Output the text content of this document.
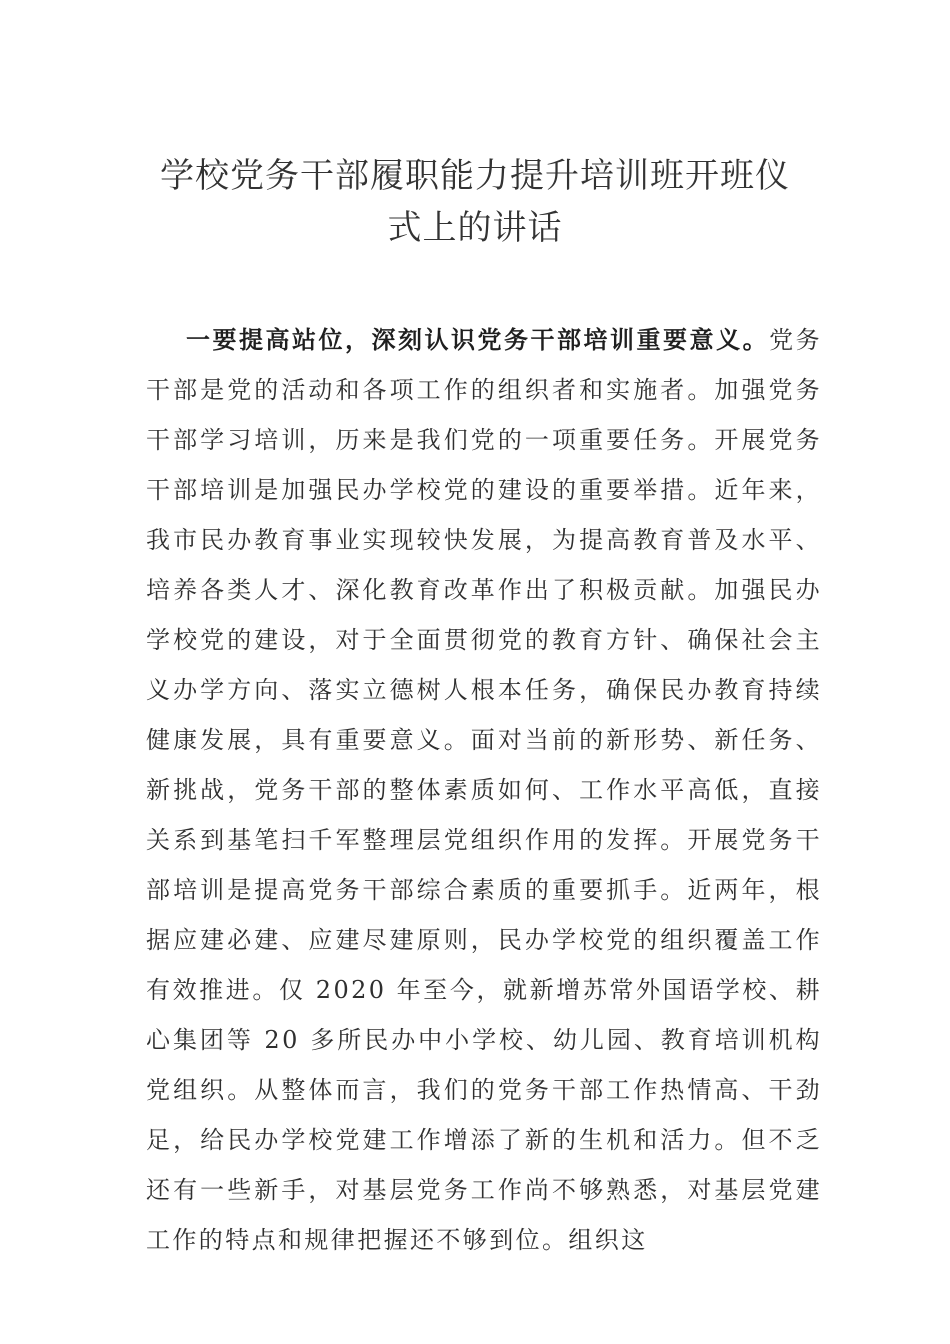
学校党务干部履职能力提升培训班开班仪
式上的讲话

一要提高站位，深刻认识党务干部培训重要意义。党务干部是党的活动和各项工作的组织者和实施者。加强党务干部学习培训，历来是我们党的一项重要任务。开展党务干部培训是加强民办学校党的建设的重要举措。近年来，我市民办教育事业实现较快发展，为提高教育普及水平、培养各类人才、深化教育改革作出了积极贡献。加强民办学校党的建设，对于全面贯彻党的教育方针、确保社会主义办学方向、落实立德树人根本任务，确保民办教育持续健康发展，具有重要意义。面对当前的新形势、新任务、新挑战，党务干部的整体素质如何、工作水平高低，直接关系到基笔扫千军整理层党组织作用的发挥。开展党务干部培训是提高党务干部综合素质的重要抓手。近两年，根据应建必建、应建尽建原则，民办学校党的组织覆盖工作有效推进。仅 2020 年至今，就新增苏常外国语学校、耕心集团等 20 多所民办中小学校、幼儿园、教育培训机构党组织。从整体而言，我们的党务干部工作热情高、干劲足，给民办学校党建工作增添了新的生机和活力。但不乏还有一些新手，对基层党务工作尚不够熟悉，对基层党建工作的特点和规律把握还不够到位。组织这
